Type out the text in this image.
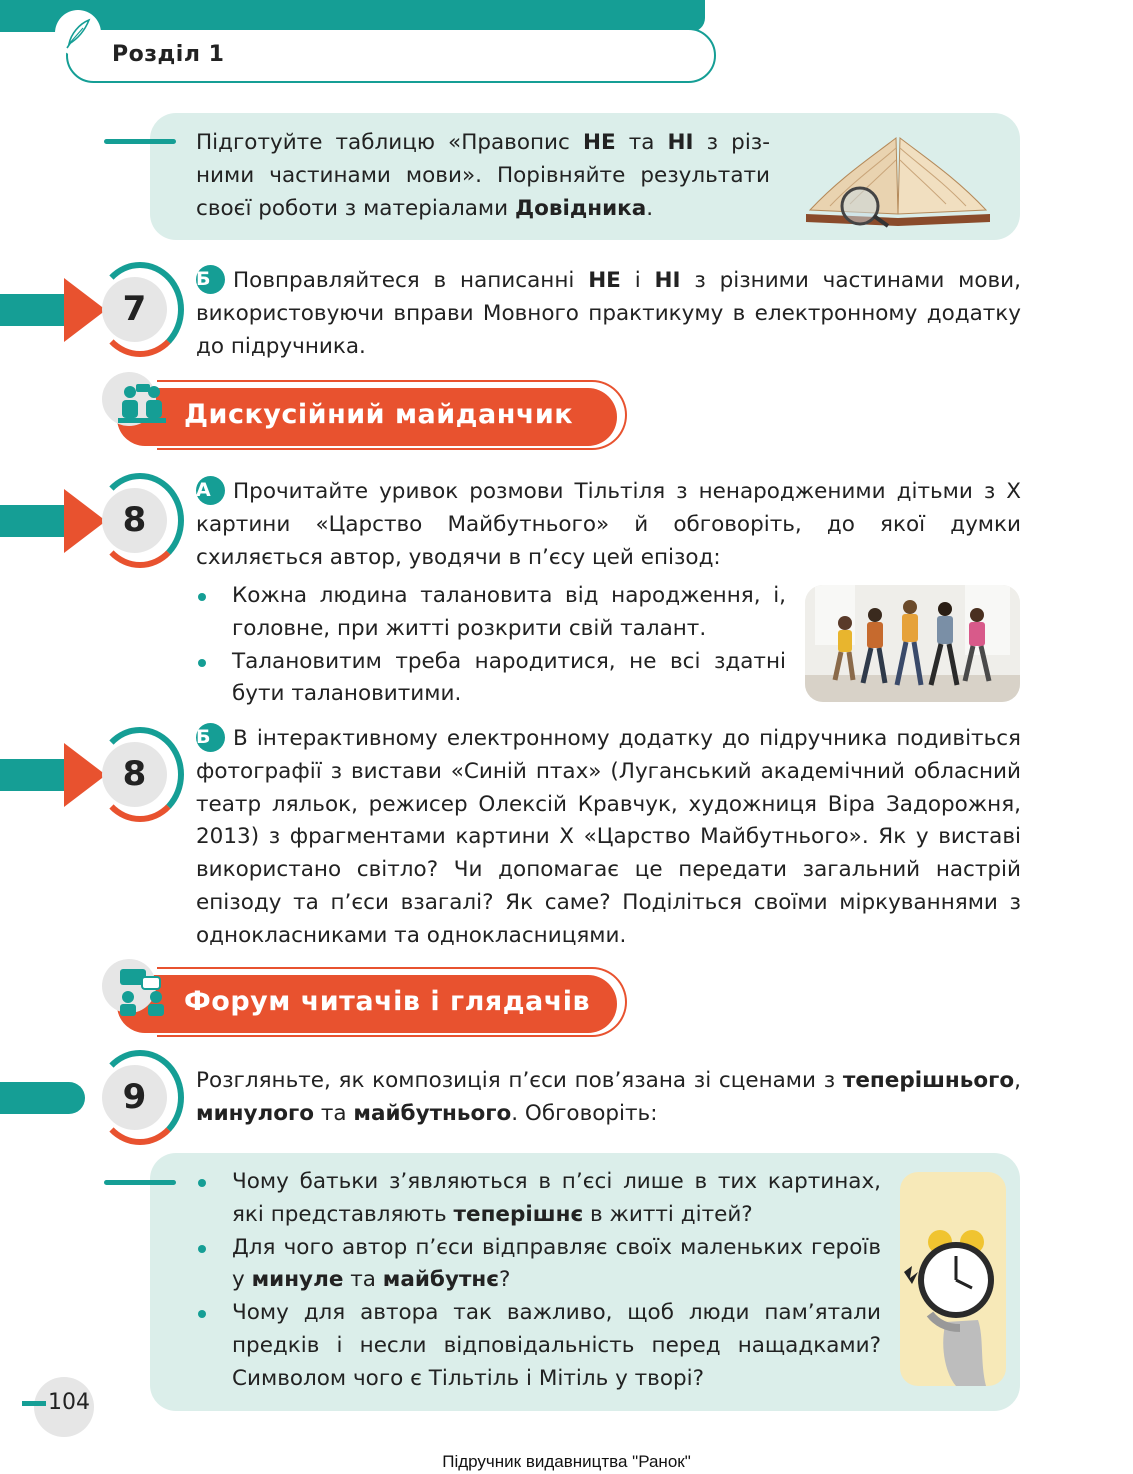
Розділ 1
Підготуйте таблицю «Правопис НЕ та НІ з різними частинами мови». Порівняйте результати своєї роботи з матеріалами Довідника.
7
Б Повправляйтеся в написанні НЕ і НІ з різними частинами мови, використовуючи вправи Мовного практикуму в електронному додатку до підручника.
Дискусійний майданчик
8
А Прочитайте уривок розмови Тільтіля з ненародженими дітьми з X картини «Царство Майбутнього» й обговоріть, до якої думки схиляється автор, уводячи в п’єсу цей епізод:
Кожна людина талановита від народження, і, головне, при житті розкрити свій талант.
Талановитим треба народитися, не всі здатні бути талановитими.
8
Б В інтерактивному електронному додатку до підручника подивіться фотографії з вистави «Синій птах» (Луганський академічний обласний театр ляльок, режисер Олексій Кравчук, художниця Віра Задорожня, 2013) з фрагментами картини X «Царство Майбутнього». Як у виставі використано світло? Чи допомагає це передати загальний настрій епізоду та п’єси взагалі? Як саме? Поділіться своїми міркуваннями з однокласниками та однокласницями.
Форум читачів і глядачів
9	Розгляньте, як композиція п’єси пов’язана зі сценами з теперішнього, минулого та майбутнього. Обговоріть:
Чому батьки з’являються в п’єсі лише в тих картинах, які представляють теперішнє в житті дітей?
Для чого автор п’єси відправляє своїх маленьких героїв у минуле та майбутнє?
Чому для автора так важливо, щоб люди пам’ятали предків і несли відповідальність перед нащадками? Символом чого є Тільтіль і Мітіль у творі?
104
Підручник видавництва "Ранок"
